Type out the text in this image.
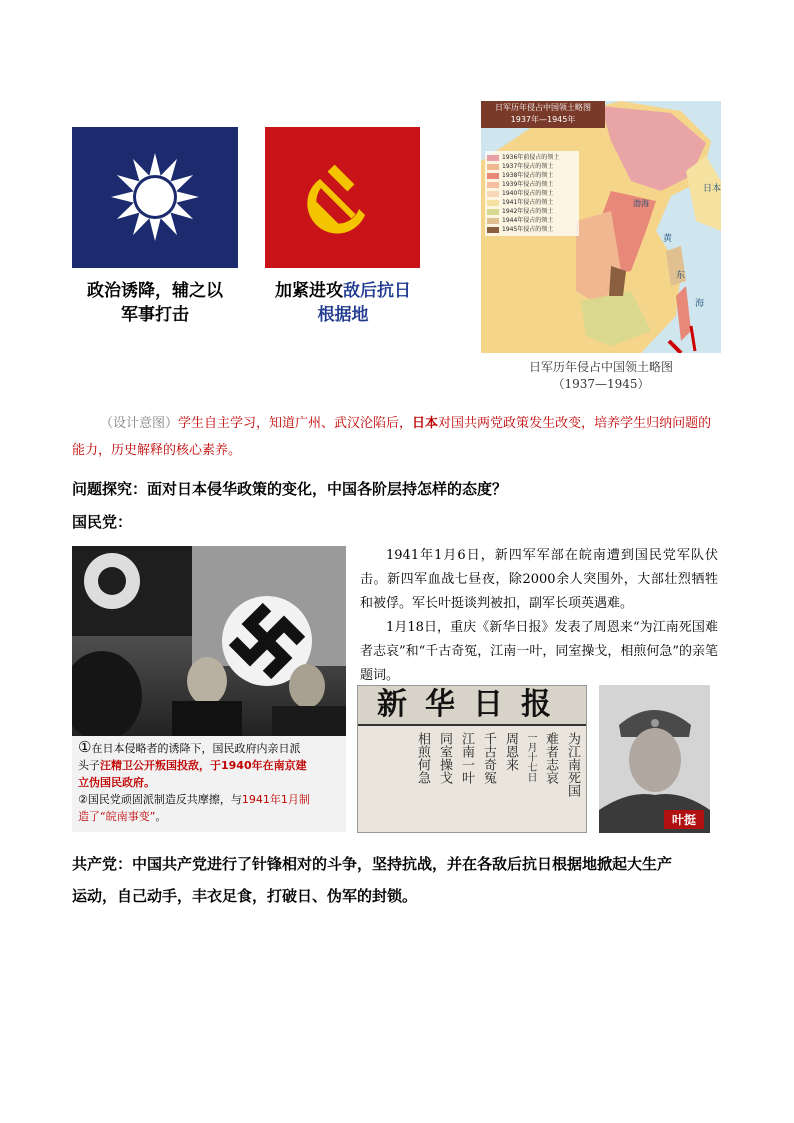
政治诱降，辅之以
军事打击
加紧进攻敌后抗日
根据地
日本
渤海
黄
东
海
日军历年侵占中国领土略图
1937年—1945年
1936年前侵占的领土
1937年侵占的领土
1938年侵占的领土
1939年侵占的领土
1940年侵占的领土
1941年侵占的领土
1942年侵占的领土
1944年侵占的领土
1945年侵占的领土
日军历年侵占中国领土略图
（1937—1945）
（设计意图）学生自主学习，知道广州、武汉沦陷后，日本对国共两党政策发生改变，培养学生归纳问题的能力，历史解释的核心素养。
问题探究：面对日本侵华政策的变化，中国各阶层持怎样的态度？
国民党：
①在日本侵略者的诱降下，国民政府内亲日派
头子汪精卫公开叛国投敌，于1940年在南京建
立伪国民政府。
②国民党顽固派制造反共摩擦，与1941年1月制
造了“皖南事变”。

1941年1月6日，新四军军部在皖南遭到国民党军队伏击。新四军血战七昼夜，除2000余人突围外，大部壮烈牺牲和被俘。军长叶挺谈判被扣，副军长项英遇难。

1月18日，重庆《新华日报》发表了周恩来“为江南死国难者志哀”和“千古奇冤，江南一叶，同室操戈，相煎何急”的亲笔题词。

新华日报
为江南死国
难者志哀
一月十七日
周恩来
千古奇冤
江南一叶
同室操戈
相煎何急
叶挺
共产党：中国共产党进行了针锋相对的斗争，坚持抗战，并在各敌后抗日根据地掀起大生产
运动，自己动手，丰衣足食，打破日、伪军的封锁。
